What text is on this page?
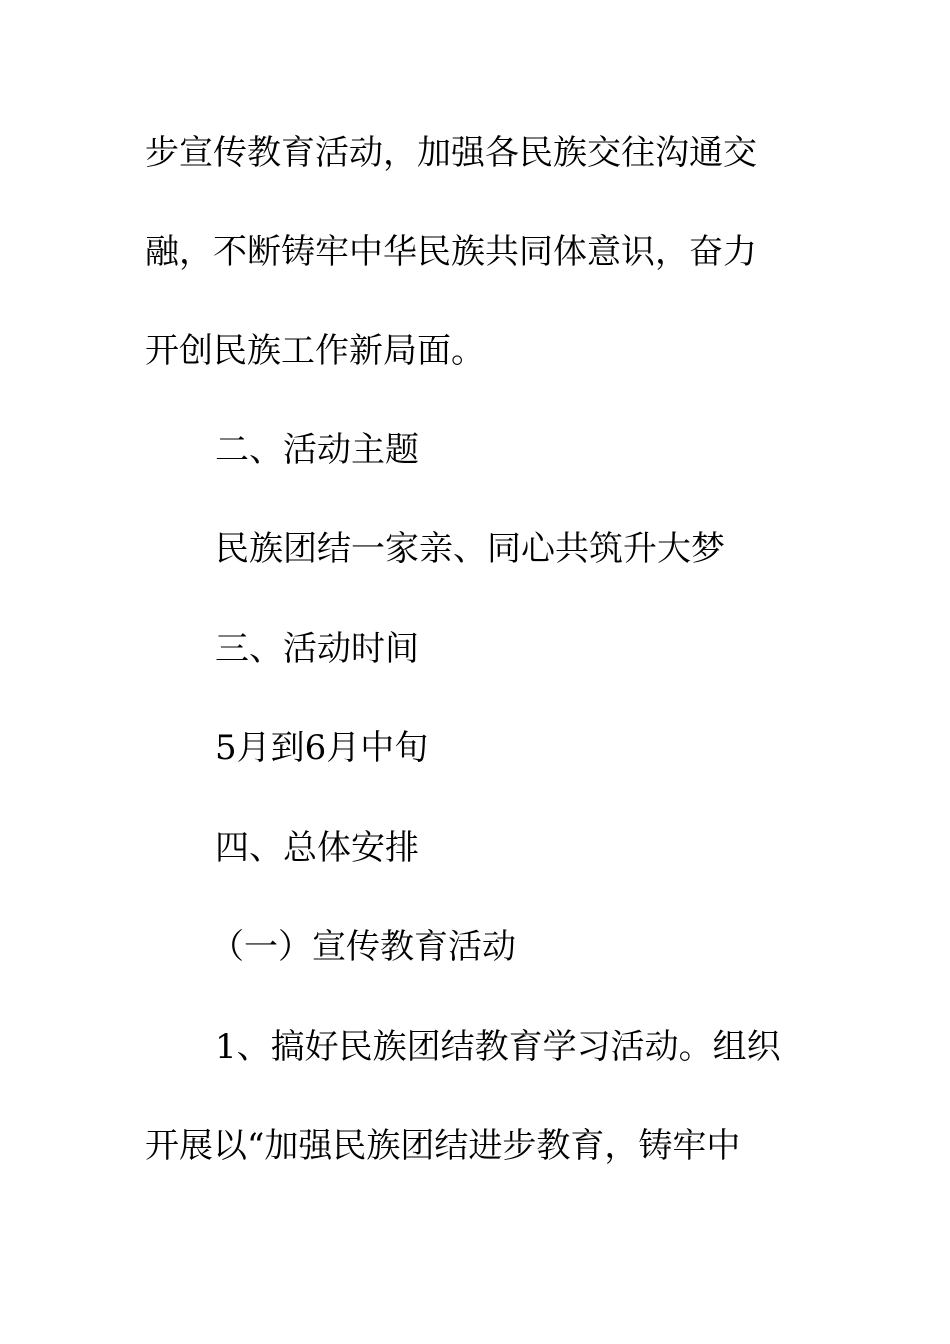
步宣传教育活动，加强各民族交往沟通交
融，不断铸牢中华民族共同体意识，奋力
开创民族工作新局面。
二、活动主题
民族团结一家亲、同心共筑升大梦
三、活动时间
5月到6月中旬
四、总体安排
（一）宣传教育活动
1、搞好民族团结教育学习活动。组织
开展以“加强民族团结进步教育，铸牢中
